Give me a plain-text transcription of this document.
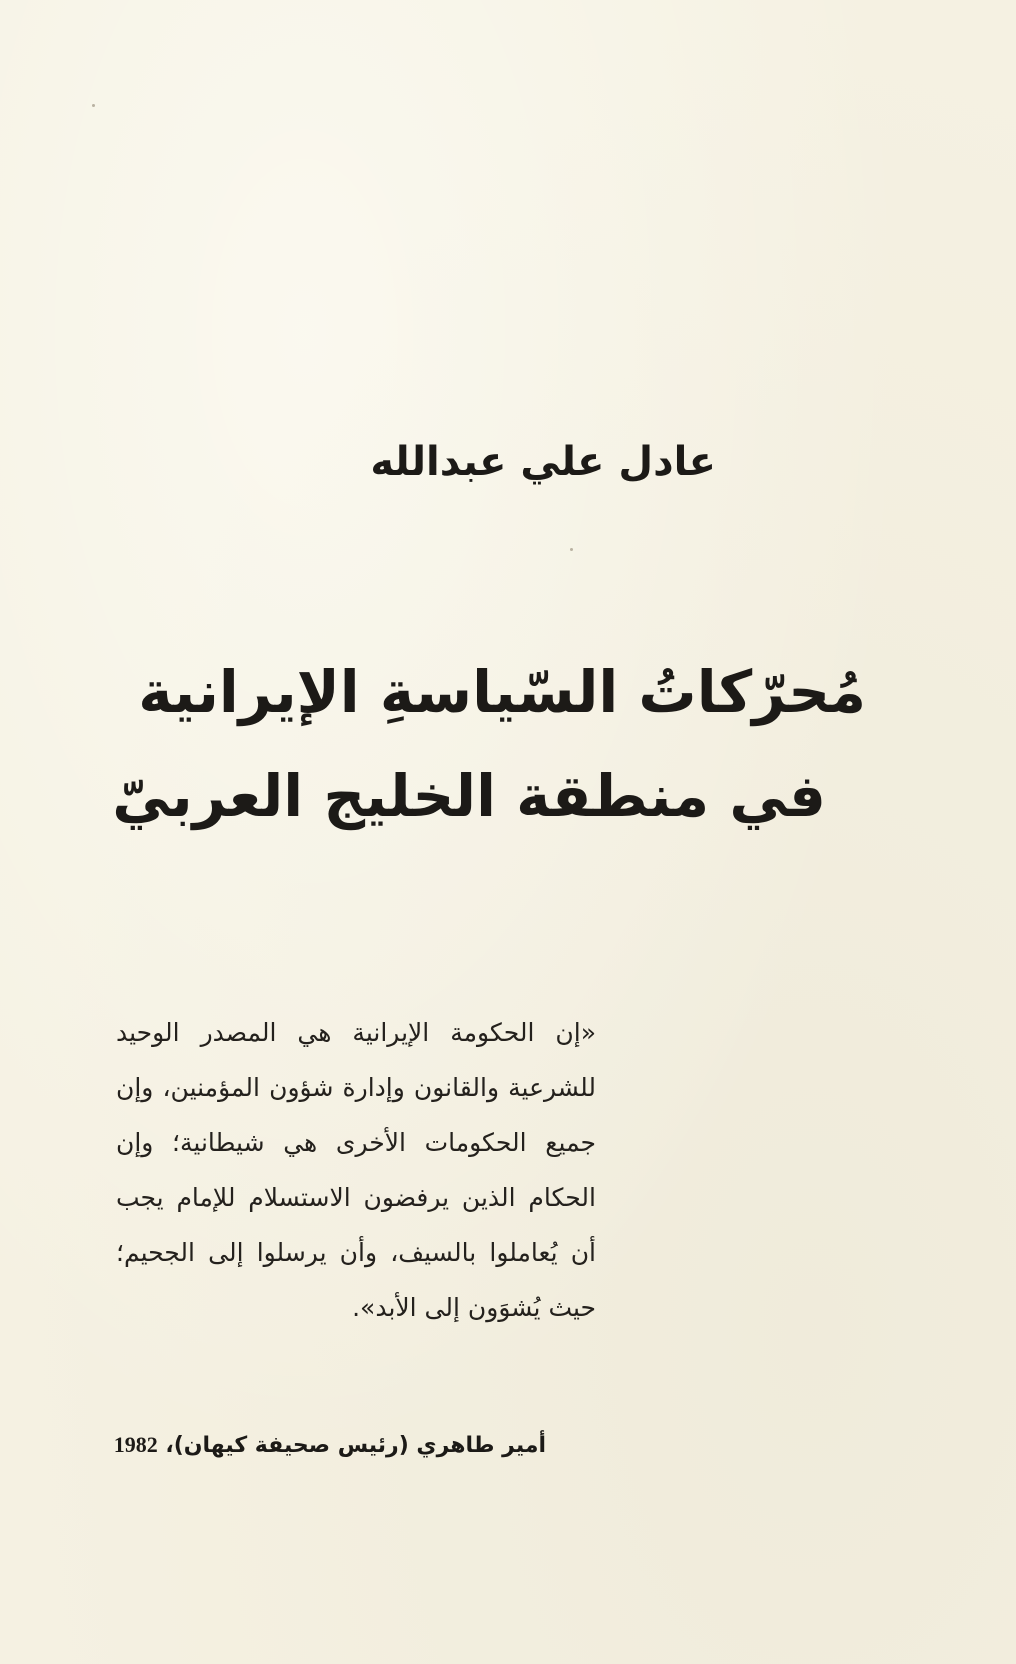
عادل علي عبدالله
مُحرّكاتُ السّياسةِ الإيرانية
في منطقة الخليج العربيّ

«إن الحكومة الإيرانية هي المصدر الوحيد للشرعية والقانون وإدارة شؤون المؤمنين، وإن جميع الحكومات الأخرى هي شيطانية؛ وإن الحكام الذين يرفضون الاستسلام للإمام يجب أن يُعاملوا بالسيف، وأن يرسلوا إلى الجحيم؛ حيث يُشوَون إلى الأبد».

أمير طاهري (رئيس صحيفة كيهان)، 1982
